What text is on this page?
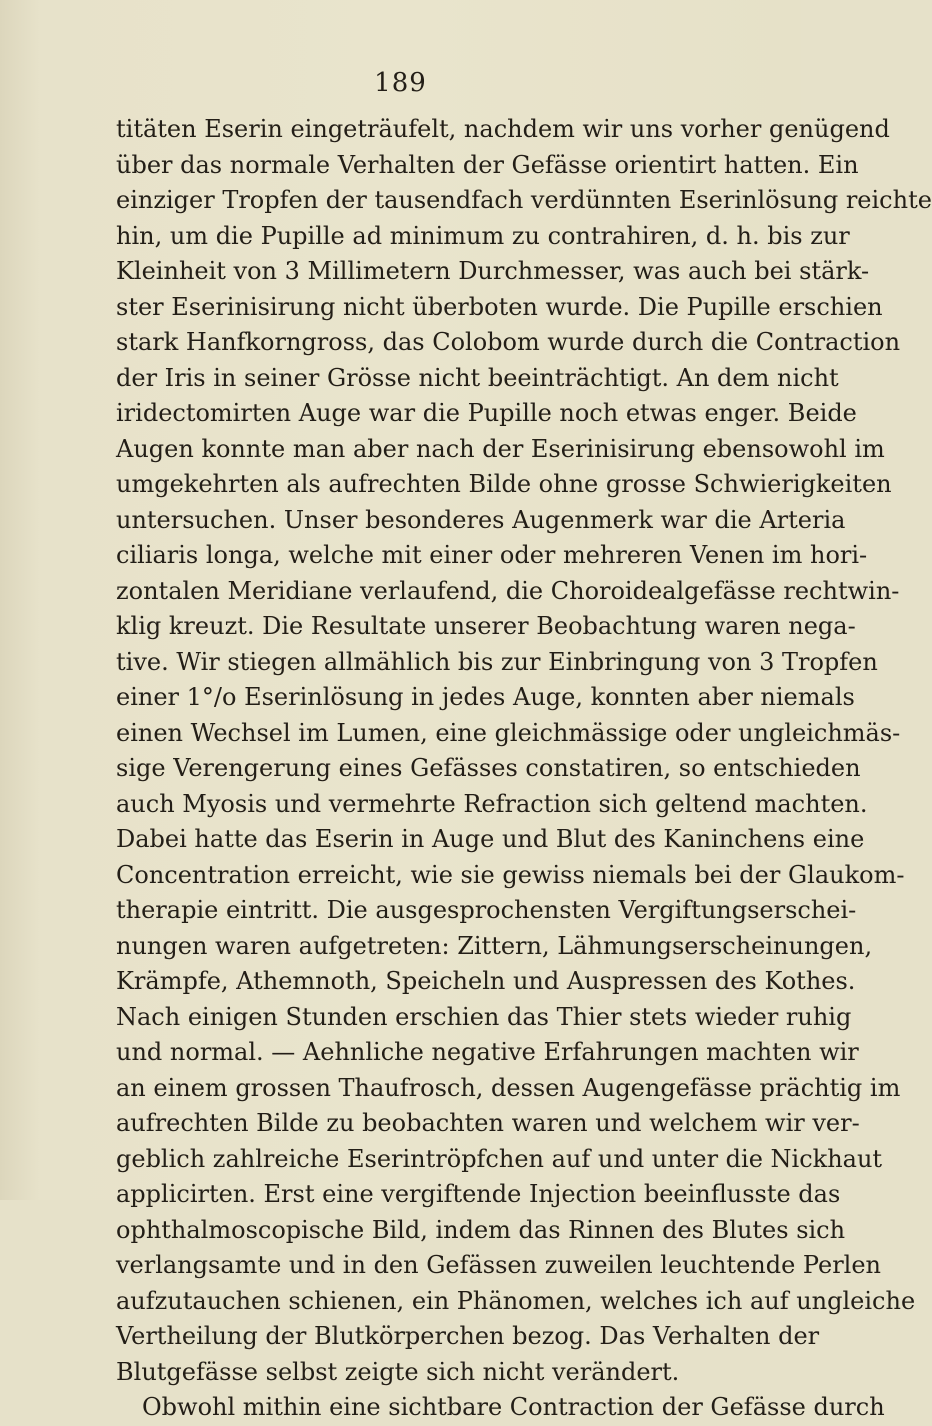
189
titäten Eserin eingeträufelt, nachdem wir uns vorher genügend
über das normale Verhalten der Gefässe orientirt hatten. Ein
einziger Tropfen der tausendfach verdünnten Eserinlösung reichte
hin, um die Pupille ad minimum zu contrahiren, d. h. bis zur
Kleinheit von 3 Millimetern Durchmesser, was auch bei stärk-
ster Eserinisirung nicht überboten wurde. Die Pupille erschien
stark Hanfkorngross, das Colobom wurde durch die Contraction
der Iris in seiner Grösse nicht beeinträchtigt. An dem nicht
iridectomirten Auge war die Pupille noch etwas enger. Beide
Augen konnte man aber nach der Eserinisirung ebensowohl im
umgekehrten als aufrechten Bilde ohne grosse Schwierigkeiten
untersuchen. Unser besonderes Augenmerk war die Arteria
ciliaris longa, welche mit einer oder mehreren Venen im hori-
zontalen Meridiane verlaufend, die Choroidealgefässe rechtwin-
klig kreuzt. Die Resultate unserer Beobachtung waren nega-
tive. Wir stiegen allmählich bis zur Einbringung von 3 Tropfen
einer 1°/o Eserinlösung in jedes Auge, konnten aber niemals
einen Wechsel im Lumen, eine gleichmässige oder ungleichmäs-
sige Verengerung eines Gefässes constatiren, so entschieden
auch Myosis und vermehrte Refraction sich geltend machten.
Dabei hatte das Eserin in Auge und Blut des Kaninchens eine
Concentration erreicht, wie sie gewiss niemals bei der Glaukom-
therapie eintritt. Die ausgesprochensten Vergiftungserschei-
nungen waren aufgetreten: Zittern, Lähmungserscheinungen,
Krämpfe, Athemnoth, Speicheln und Auspressen des Kothes.
Nach einigen Stunden erschien das Thier stets wieder ruhig
und normal. — Aehnliche negative Erfahrungen machten wir
an einem grossen Thaufrosch, dessen Augengefässe prächtig im
aufrechten Bilde zu beobachten waren und welchem wir ver-
geblich zahlreiche Eserintröpfchen auf und unter die Nickhaut
applicirten. Erst eine vergiftende Injection beeinflusste das
ophthalmoscopische Bild, indem das Rinnen des Blutes sich
verlangsamte und in den Gefässen zuweilen leuchtende Perlen
aufzutauchen schienen, ein Phänomen, welches ich auf ungleiche
Vertheilung der Blutkörperchen bezog. Das Verhalten der
Blutgefässe selbst zeigte sich nicht verändert.
Obwohl mithin eine sichtbare Contraction der Gefässe durch
